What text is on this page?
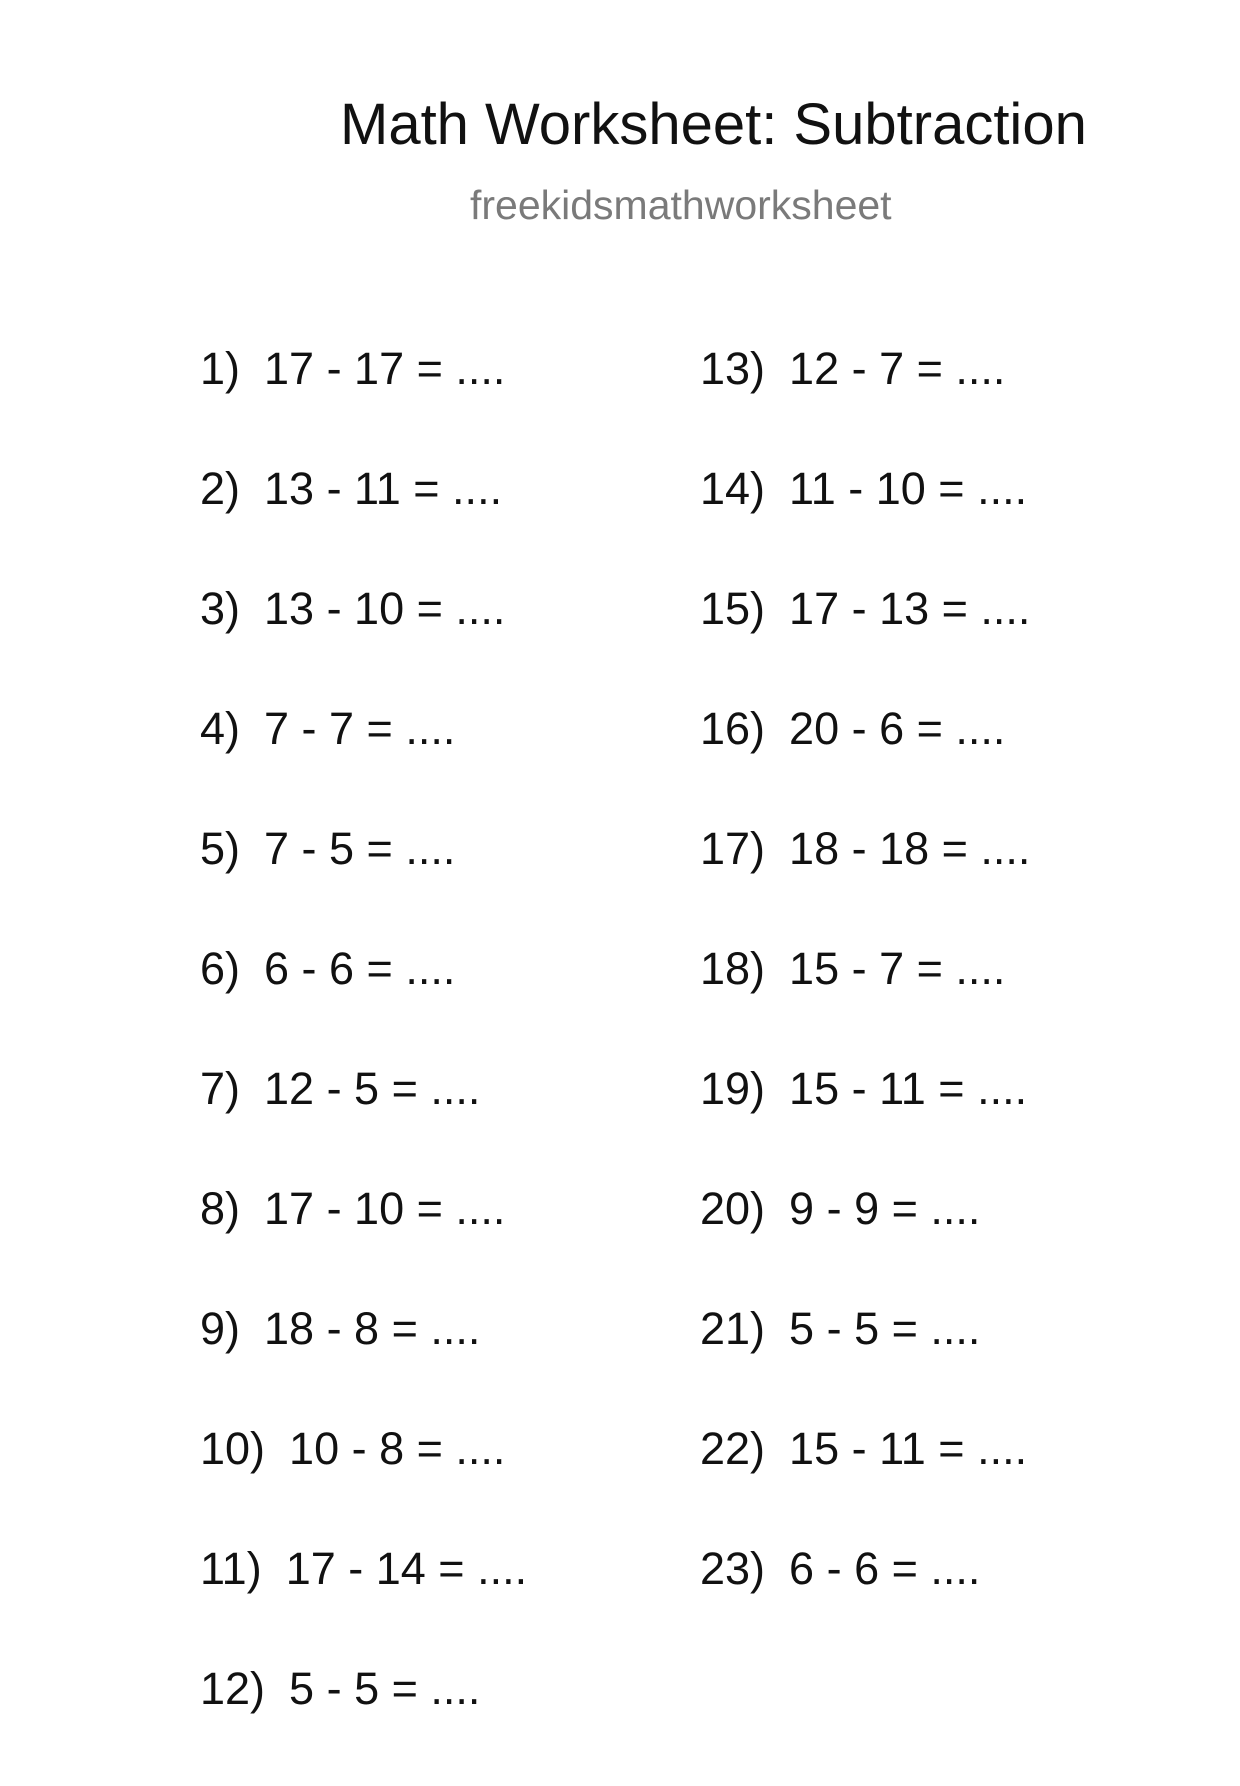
Math Worksheet: Subtraction
freekidsmathworksheet
1) 17 - 17 = ....
2) 13 - 11 = ....
3) 13 - 10 = ....
4) 7 - 7 = ....
5) 7 - 5 = ....
6) 6 - 6 = ....
7) 12 - 5 = ....
8) 17 - 10 = ....
9) 18 - 8 = ....
10) 10 - 8 = ....
11) 17 - 14 = ....
12) 5 - 5 = ....
13) 12 - 7 = ....
14) 11 - 10 = ....
15) 17 - 13 = ....
16) 20 - 6 = ....
17) 18 - 18 = ....
18) 15 - 7 = ....
19) 15 - 11 = ....
20) 9 - 9 = ....
21) 5 - 5 = ....
22) 15 - 11 = ....
23) 6 - 6 = ....
